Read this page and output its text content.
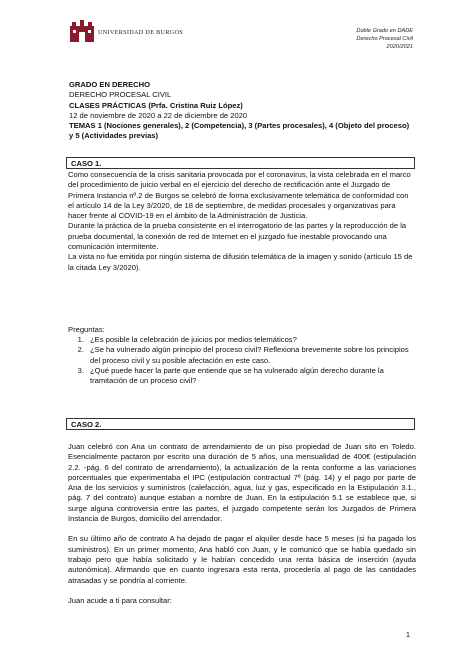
UNIVERSIDAD DE BURGOS	Doble Grado en DADE
Derecho Procesal Civil
2020/2021
GRADO EN DERECHO
DERECHO PROCESAL CIVIL
CLASES PRÁCTICAS (Prfa. Cristina Ruiz López)
12 de noviembre de 2020 a 22 de diciembre de 2020
TEMAS 1 (Nociones generales), 2 (Competencia), 3 (Partes procesales), 4 (Objeto del proceso) y 5 (Actividades previas)
CASO 1.

Como consecuencia de la crisis sanitaria provocada por el coronavirus, la vista celebrada en el marco del procedimiento de juicio verbal en el ejercicio del derecho de rectificación ante el Juzgado de Primera Instancia nº.2 de Burgos se celebró de forma exclusivamente telemática de conformidad con el artículo 14 de la Ley 3/2020, de 18 de septiembre, de medidas procesales y organizativas para hacer frente al COVID-19 en el ámbito de la Administración de Justicia.

Durante la práctica de la prueba consistente en el interrogatorio de las partes y la reproducción de la prueba documental, la conexión de red de Internet en el juzgado fue inestable provocando una comunicación intermitente.

La vista no fue emitida por ningún sistema de difusión telemática de la imagen y sonido (artículo 15 de la citada Ley 3/2020).

Preguntas:
1. ¿Es posible la celebración de juicios por medios telemáticos?
2. ¿Se ha vulnerado algún principio del proceso civil? Reflexiona brevemente sobre los principios del proceso civil y su posible afectación en este caso.
3. ¿Qué puede hacer la parte que entiende que se ha vulnerado algún derecho durante la tramitación de un proceso civil?
CASO 2.

Juan celebró con Ana un contrato de arrendamiento de un piso propiedad de Juan sito en Toledo. Esencialmente pactaron por escrito una duración de 5 años, una mensualidad de 400€ (estipulación 2.2. -pág. 6 del contrato de arrendamiento), la actualización de la renta conforme a las variaciones porcentuales que experimentaba el IPC (estipulación contractual 7º (pág. 14) y el pago por parte de Ana de los servicios y suministros (calefacción, agua, luz y gas, especificado en la Estipulación 3.1., pág. 7 del contrato) aunque estaban a nombre de Juan. En la estipulación 5.1 se establece que, si surge alguna controversia entre las partes, el juzgado competente serán los Juzgados de Primera Instancia de Burgos, domicilio del arrendador.

En su último año de contrato A ha dejado de pagar el alquiler desde hace 5 meses (si ha pagado los suministros). En un primer momento, Ana habló con Juan, y le comunicó que se había quedado sin trabajo pero que había solicitado y le habían concedido una renta básica de inserción (ayuda autonómica). Afirmando que en cuanto ingresara esta renta, procedería al pago de las cantidades atrasadas y se pondría al corriente.

Juan acude a ti para consultar:

1
